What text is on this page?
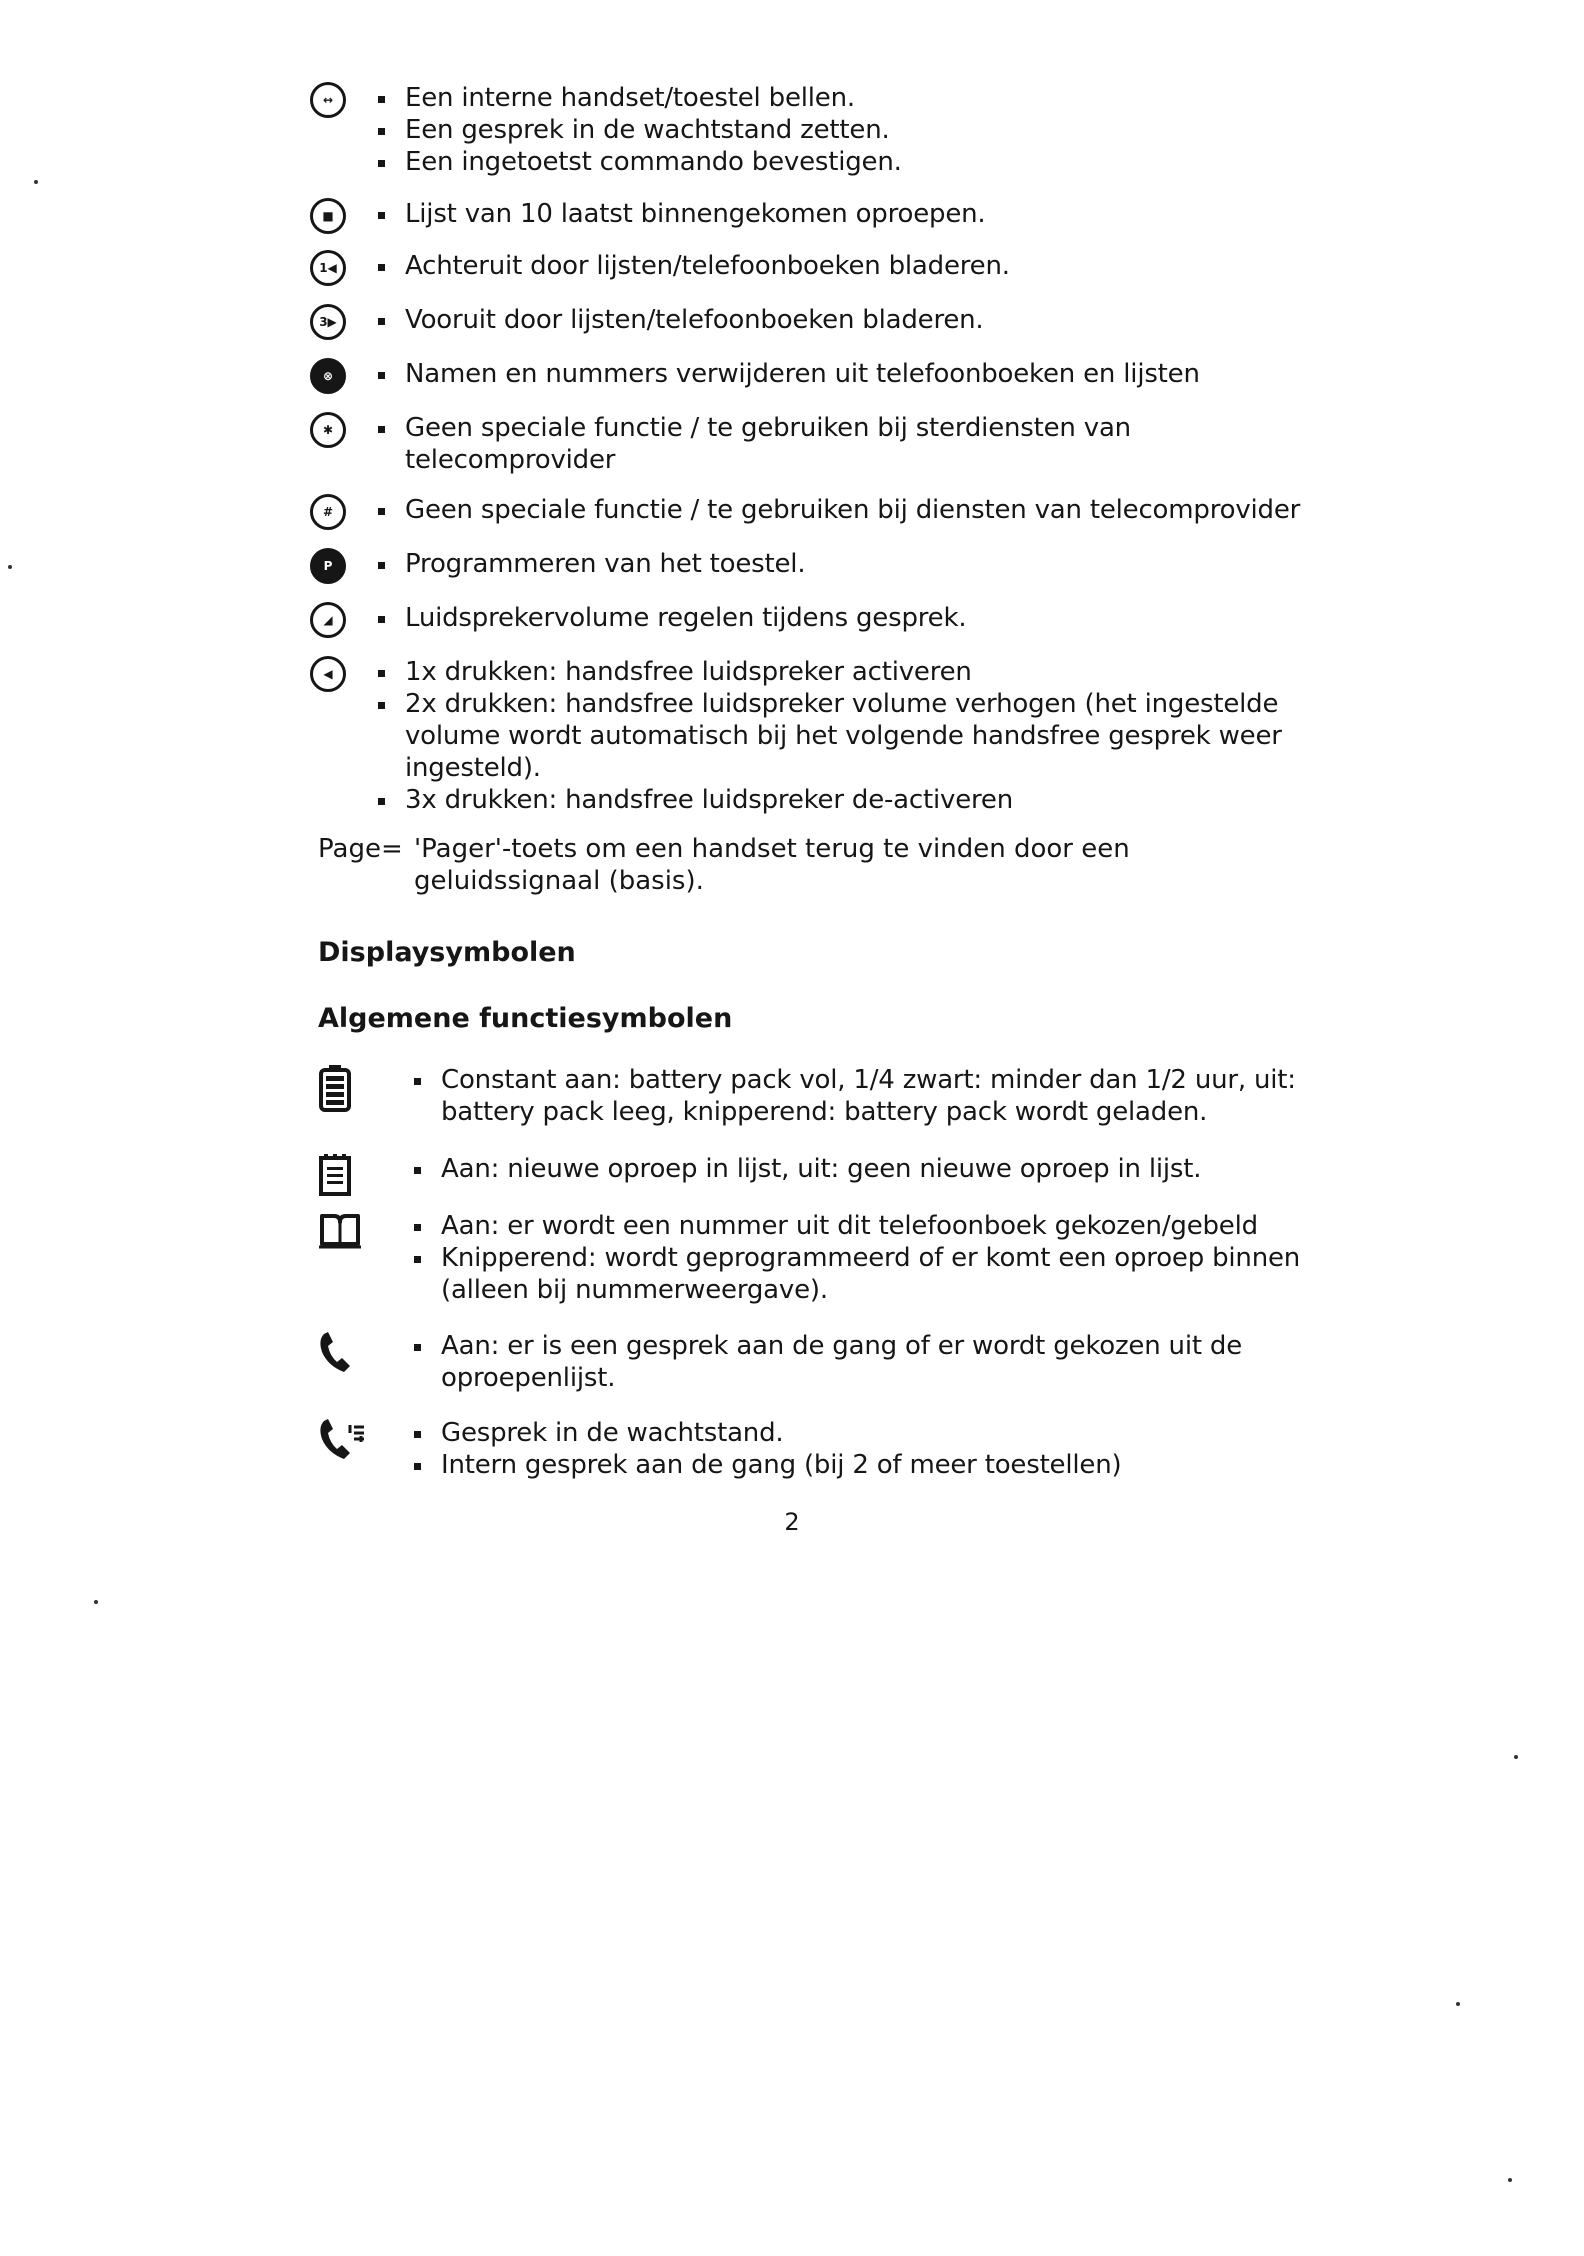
↔	Een interne handset/toestel bellen.
Een gesprek in de wachtstand zetten.
Een ingetoetst commando bevestigen.
■	Lijst van 10 laatst binnengekomen oproepen.
1◀	Achteruit door lijsten/telefoonboeken bladeren.
3▶	Vooruit door lijsten/telefoonboeken bladeren.
⊗	Namen en nummers verwijderen uit telefoonboeken en lijsten
✱	Geen speciale functie / te gebruiken bij sterdiensten van telecomprovider
#	Geen speciale functie / te gebruiken bij diensten van telecomprovider
P	Programmeren van het toestel.
◢	Luidsprekervolume regelen tijdens gesprek.
◀	1x drukken: handsfree luidspreker activeren
2x drukken: handsfree luidspreker volume verhogen (het ingestelde volume wordt automatisch bij het volgende handsfree gesprek weer ingesteld).
3x drukken: handsfree luidspreker de-activeren
Page= 'Pager'-toets om een handset terug te vinden door een geluidssignaal (basis).
Displaysymbolen
Algemene functiesymbolen
Constant aan: battery pack vol, 1/4 zwart: minder dan 1/2 uur, uit: battery pack leeg, knipperend: battery pack wordt geladen.
Aan: nieuwe oproep in lijst, uit: geen nieuwe oproep in lijst.
Aan: er wordt een nummer uit dit telefoonboek gekozen/gebeld
Knipperend: wordt geprogrammeerd of er komt een oproep binnen (alleen bij nummerweergave).
Aan: er is een gesprek aan de gang of er wordt gekozen uit de oproepenlijst.
Gesprek in de wachtstand.
Intern gesprek aan de gang (bij 2 of meer toestellen)
2
